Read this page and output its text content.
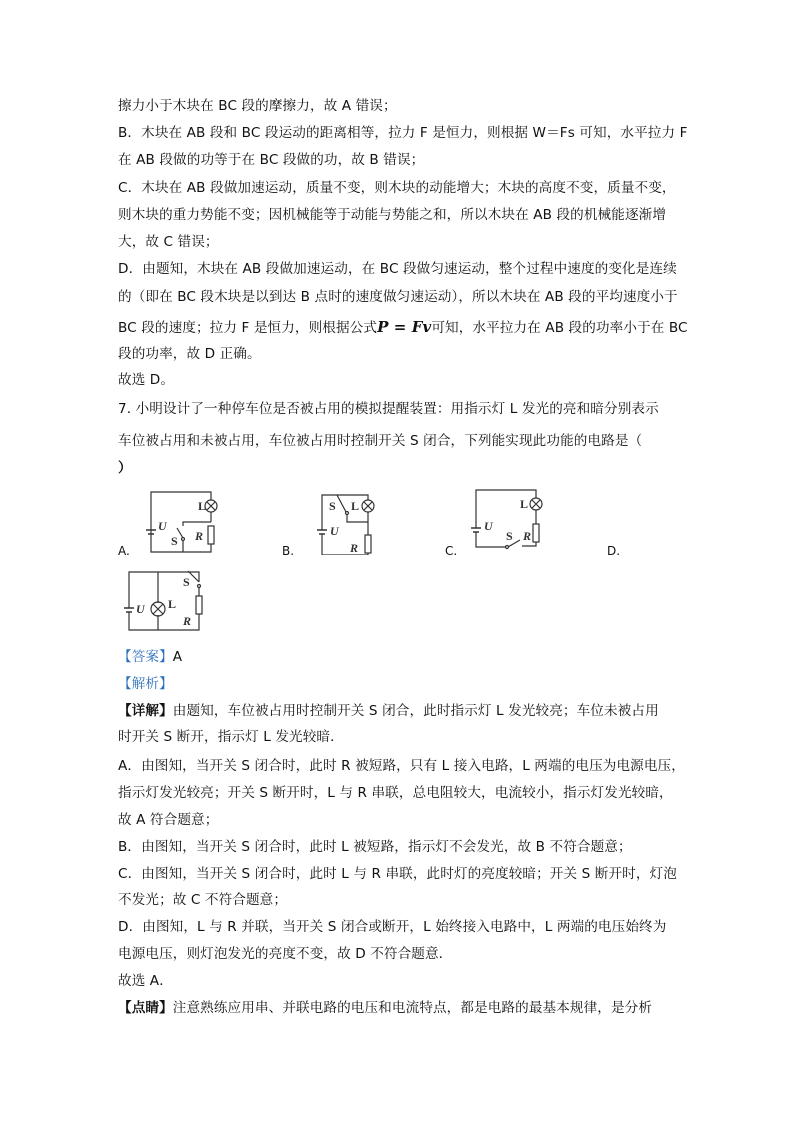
擦力小于木块在 BC 段的摩擦力，故 A 错误；
B．木块在 AB 段和 BC 段运动的距离相等，拉力 F 是恒力，则根据 W＝Fs 可知，水平拉力 F
在 AB 段做的功等于在 BC 段做的功，故 B 错误；
C．木块在 AB 段做加速运动，质量不变，则木块的动能增大；木块的高度不变，质量不变，
则木块的重力势能不变；因机械能等于动能与势能之和，所以木块在 AB 段的机械能逐渐增
大，故 C 错误；
D．由题知，木块在 AB 段做加速运动，在 BC 段做匀速运动，整个过程中速度的变化是连续
的（即在 BC 段木块是以到达 B 点时的速度做匀速运动），所以木块在 AB 段的平均速度小于
BC 段的速度；拉力 F 是恒力，则根据公式P = Fv可知，水平拉力在 AB 段的功率小于在 BC
段的功率，故 D 正确。
故选 D。
7. 小明设计了一种停车位是否被占用的模拟提醒装置：用指示灯 L 发光的亮和暗分别表示
车位被占用和未被占用，车位被占用时控制开关 S 闭合，下列能实现此功能的电路是（
）
A.	B.	C.	D.
U
L
S R	U
L
S
R
U
L
S R
U L
S
R
【答案】A
【解析】
【详解】由题知，车位被占用时控制开关 S 闭合，此时指示灯 L 发光较亮；车位未被占用
时开关 S 断开，指示灯 L 发光较暗．
A．由图知，当开关 S 闭合时，此时 R 被短路，只有 L 接入电路，L 两端的电压为电源电压，
指示灯发光较亮；开关 S 断开时，L 与 R 串联，总电阻较大，电流较小，指示灯发光较暗，
故 A 符合题意；
B．由图知，当开关 S 闭合时，此时 L 被短路，指示灯不会发光，故 B 不符合题意；
C．由图知，当开关 S 闭合时，此时 L 与 R 串联，此时灯的亮度较暗；开关 S 断开时，灯泡
不发光；故 C 不符合题意；
D．由图知，L 与 R 并联，当开关 S 闭合或断开，L 始终接入电路中，L 两端的电压始终为
电源电压，则灯泡发光的亮度不变，故 D 不符合题意．
故选 A．
【点睛】注意熟练应用串、并联电路的电压和电流特点，都是电路的最基本规律，是分析
